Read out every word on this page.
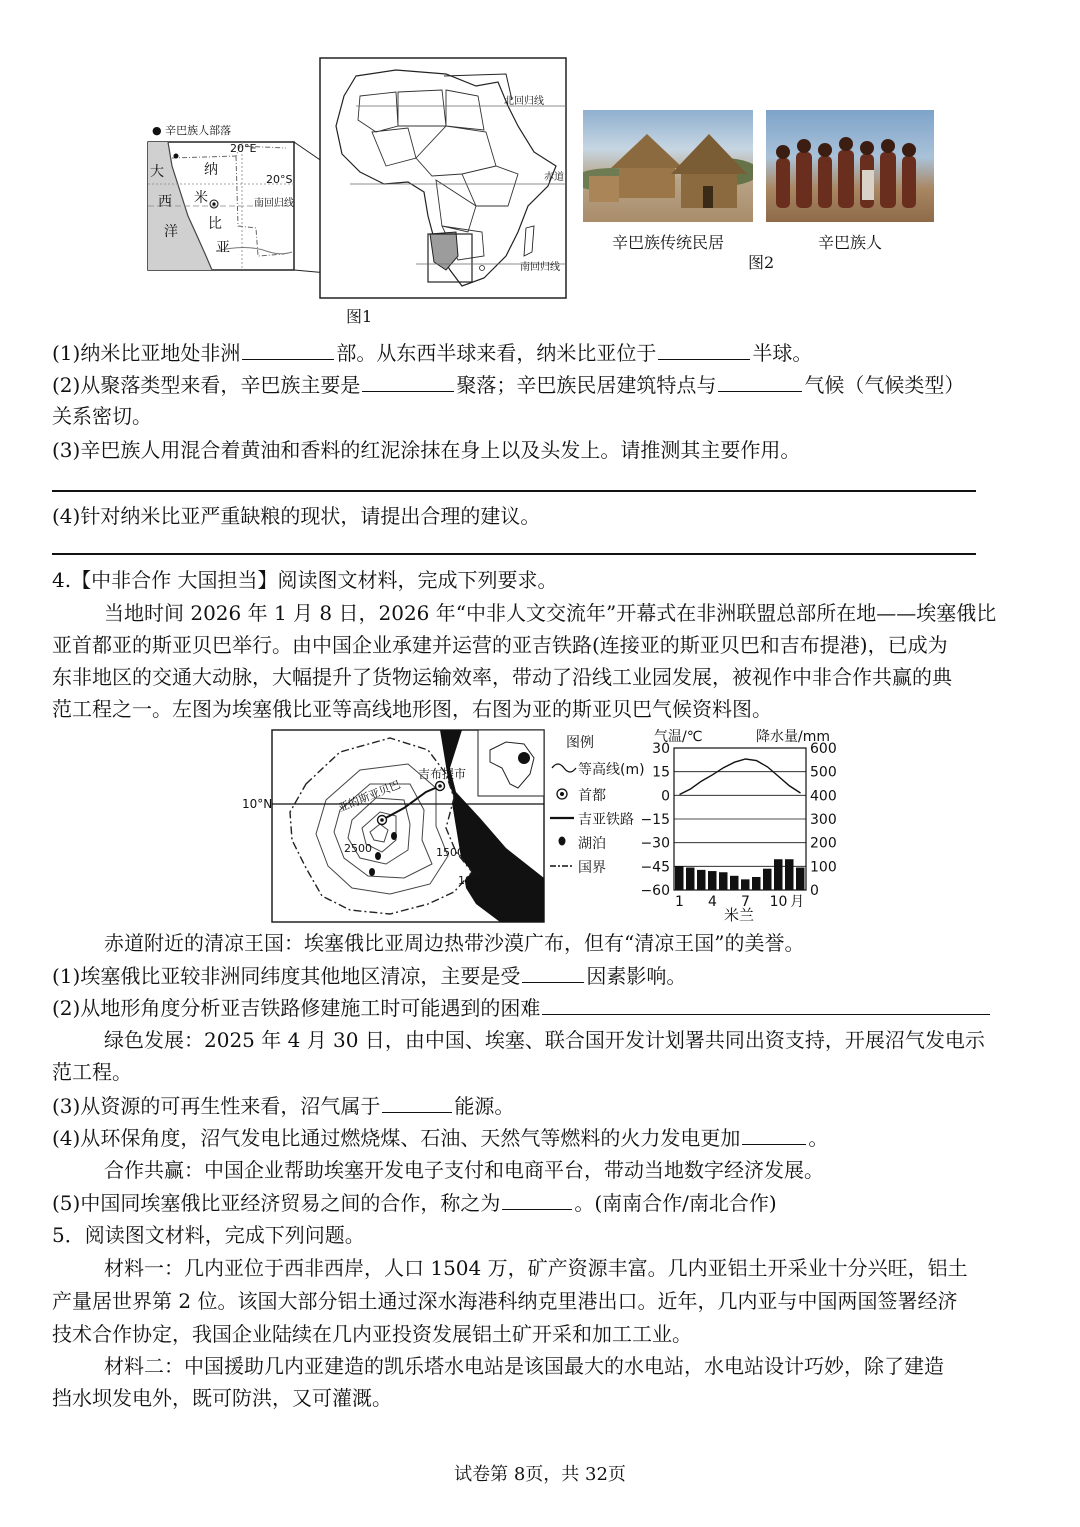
● 辛巴族人部落
20°E
20°S
南回归线
大
西
洋
纳
米
比
亚
北回归线
赤道
南回归线
图1
辛巴族传统民居	辛巴族人
图2
(1)纳米比亚地处非洲	部。从东西半球来看，纳米比亚位于	半球。
(2)从聚落类型来看，辛巴族主要是	聚落；辛巴族民居建筑特点与	气候（气候类型）
关系密切。
(3)辛巴族人用混合着黄油和香料的红泥涂抹在身上以及头发上。请推测其主要作用。
(4)针对纳米比亚严重缺粮的现状，请提出合理的建议。
4.【中非合作 大国担当】阅读图文材料，完成下列要求。
当地时间 2026 年 1 月 8 日，2026 年“中非人文交流年”开幕式在非洲联盟总部所在地——埃塞俄比
亚首都亚的斯亚贝巴举行。由中国企业承建并运营的亚吉铁路(连接亚的斯亚贝巴和吉布提港)，已成为
东非地区的交通大动脉，大幅提升了货物运输效率，带动了沿线工业园发展，被视作中非合作共赢的典
范工程之一。左图为埃塞俄比亚等高线地形图，右图为亚的斯亚贝巴气候资料图。
10°N
吉布提市
亚的斯亚贝巴
2500	1500
1000
图例
等高线(m)
首都
吉亚铁路
湖泊
国界
气温/℃	降水量/mm
30
15
0
−15
−30
−45
−60
600
500
400
300
200
100
0
1 4 7 10 月
米兰
赤道附近的清凉王国：埃塞俄比亚周边热带沙漠广布，但有“清凉王国”的美誉。
(1)埃塞俄比亚较非洲同纬度其他地区清凉，主要是受	因素影响。
(2)从地形角度分析亚吉铁路修建施工时可能遇到的困难
绿色发展：2025 年 4 月 30 日，由中国、埃塞、联合国开发计划署共同出资支持，开展沼气发电示
范工程。
(3)从资源的可再生性来看，沼气属于	能源。
(4)从环保角度，沼气发电比通过燃烧煤、石油、天然气等燃料的火力发电更加	。
合作共赢：中国企业帮助埃塞开发电子支付和电商平台，带动当地数字经济发展。
(5)中国同埃塞俄比亚经济贸易之间的合作，称之为	。(南南合作/南北合作)
5．阅读图文材料，完成下列问题。
材料一：几内亚位于西非西岸，人口 1504 万，矿产资源丰富。几内亚铝土开采业十分兴旺，铝土
产量居世界第 2 位。该国大部分铝土通过深水海港科纳克里港出口。近年，几内亚与中国两国签署经济
技术合作协定，我国企业陆续在几内亚投资发展铝土矿开采和加工工业。
材料二：中国援助几内亚建造的凯乐塔水电站是该国最大的水电站，水电站设计巧妙，除了建造
挡水坝发电外，既可防洪，又可灌溉。
试卷第 8页，共 32页
